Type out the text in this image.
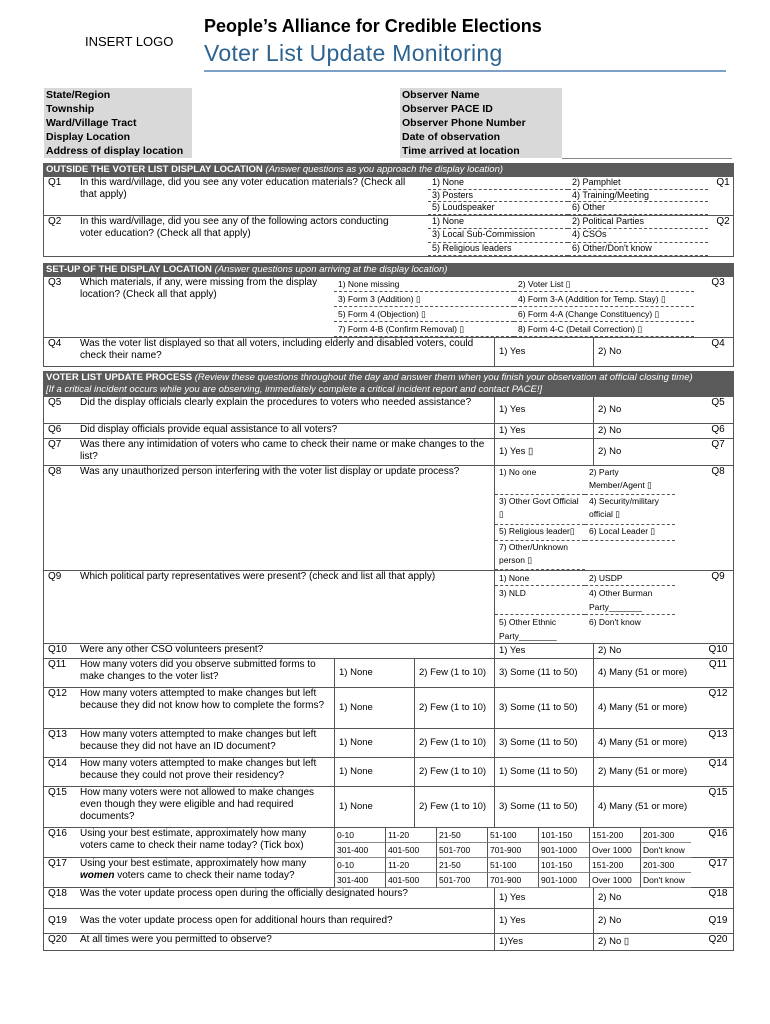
INSERT LOGO
People’s Alliance for Credible Elections
Voter List Update Monitoring
State/Region
Township
Ward/Village Tract
Display Location
Address of display location
Observer Name
Observer PACE ID
Observer Phone Number
Date of observation
Time arrived at location
OUTSIDE THE VOTER LIST DISPLAY LOCATION (Answer questions as you approach the display location)
Q1	In this ward/village, did you see any voter education materials? (Check all that apply)
1) None	2) Pamphlet
3) Posters	4) Training/Meeting
5) Loudspeaker	6) Other
Q1
Q2	In this ward/village, did you see any of the following actors conducting voter education? (Check all that apply)
1) None	2) Political Parties
3) Local Sub-Commission	4) CSOs
5) Religious leaders	6) Other/Don't know
Q2
SET-UP OF THE DISPLAY LOCATION (Answer questions upon arriving at the display location)
Q3	Which materials, if any, were missing from the display location? (Check all that apply)
1) None missing	2) Voter List ▯
3) Form 3 (Addition) ▯	4) Form 3-A (Addition for Temp. Stay) ▯
5) Form 4 (Objection) ▯	6) Form 4-A (Change Constituency) ▯
7) Form 4-B (Confirm Removal) ▯	8) Form 4-C (Detail Correction) ▯
Q3
Q4	Was the voter list displayed so that all voters, including elderly and disabled voters, could check their name?	1) Yes	2) No
Q4
VOTER LIST UPDATE PROCESS (Review these questions throughout the day and answer them when you finish your observation at official closing time)
[If a critical incident occurs while you are observing, immediately complete a critical incident report and contact PACE!]
Q5	Did the display officials clearly explain the procedures to voters who needed assistance?
1) Yes	2) No
Q5
Q6	Did display officials provide equal assistance to all voters?	1) Yes	2) No	Q6
Q7	Was there any intimidation of voters who came to check their name or make changes to the list?	1) Yes ▯	2) No
Q7
Q8	Was any unauthorized person interfering with the voter list display or update process?	1) No one	2) Party Member/Agent ▯
3) Other Govt Official ▯
4) Security/military official ▯
5) Religious leader▯	6) Local Leader ▯
7) Other/Unknown person ▯
Q8
Q9	Which political party representatives were present? (check and list all that apply)	1) None	2) USDP
3) NLD	4) Other Burman Party_______
5) Other Ethnic Party________
6) Don't know
Q9
Q10	Were any other CSO volunteers present?	1) Yes	2) No	Q10
Q11	How many voters did you observe submitted forms to make changes to the voter list?	1) None	2) Few (1 to 10)	3) Some (11 to 50)	4) Many (51 or more)
Q11
Q12	How many voters attempted to make changes but left because they did not know how to complete the forms?	1) None	2) Few (1 to 10)	3) Some (11 to 50)	4) Many (51 or more)
Q12
Q13	How many voters attempted to make changes but left because they did not have an ID document?	1) None	2) Few (1 to 10)	3) Some (11 to 50)	4) Many (51 or more)
Q13
Q14	How many voters attempted to make changes but left because they could not prove their residency?	1) None	2) Few (1 to 10)	1) Some (11 to 50)	2) Many (51 or more)
Q14
Q15	How many voters were not allowed to make changes even though they were eligible and had required documents?
1) None	2) Few (1 to 10)	3) Some (11 to 50)	4) Many (51 or more)
Q15
Q16	Using your best estimate, approximately how many voters came to check their name today? (Tick box)
0-10	11-20	21-50	51-100	101-150	151-200	201-300
301-400	401-500	501-700	701-900	901-1000	Over 1000	Don't know
Q16
Q17	Using your best estimate, approximately how many women voters came to check their name today?
0-10	11-20	21-50	51-100	101-150	151-200	201-300
301-400	401-500	501-700	701-900	901-1000	Over 1000	Don't know
Q17
Q18	Was the voter update process open during the officially designated hours?	1) Yes	2) No	Q18
Q19	Was the voter update process open for additional hours than required?	1) Yes	2) No	Q19
Q20	At all times were you permitted to observe?	1)Yes	2) No ▯	Q20
